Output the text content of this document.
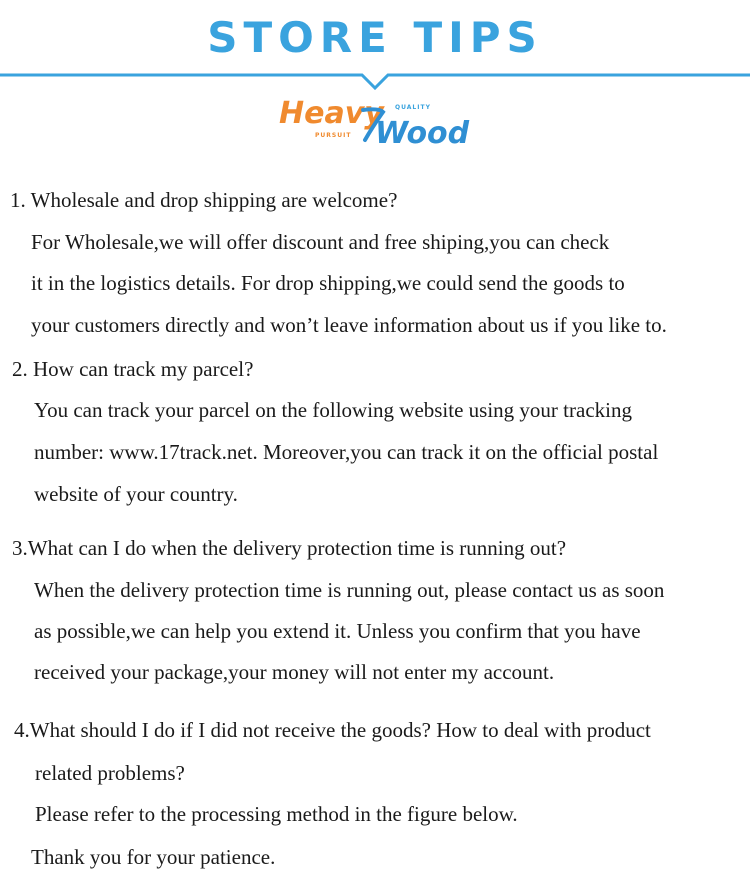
STORE TIPS
Heavy QUALITY
PURSUIT Wood
1. Wholesale and drop shipping are welcome?
For Wholesale,we will offer discount and free shiping,you can check
it in the logistics details. For drop shipping,we could send the goods to
your customers directly and won’t leave information about us if you like to.
2. How can track my parcel?
You can track your parcel on the following website using your tracking
number: www.17track.net. Moreover,you can track it on the official postal
website of your country.
3.What can I do when the delivery protection time is running out?
When the delivery protection time is running out, please contact us as soon
as possible,we can help you extend it. Unless you confirm that you have
received your package,your money will not enter my account.
4.What should I do if I did not receive the goods? How to deal with product
related problems?
Please refer to the processing method in the figure below.
Thank you for your patience.
